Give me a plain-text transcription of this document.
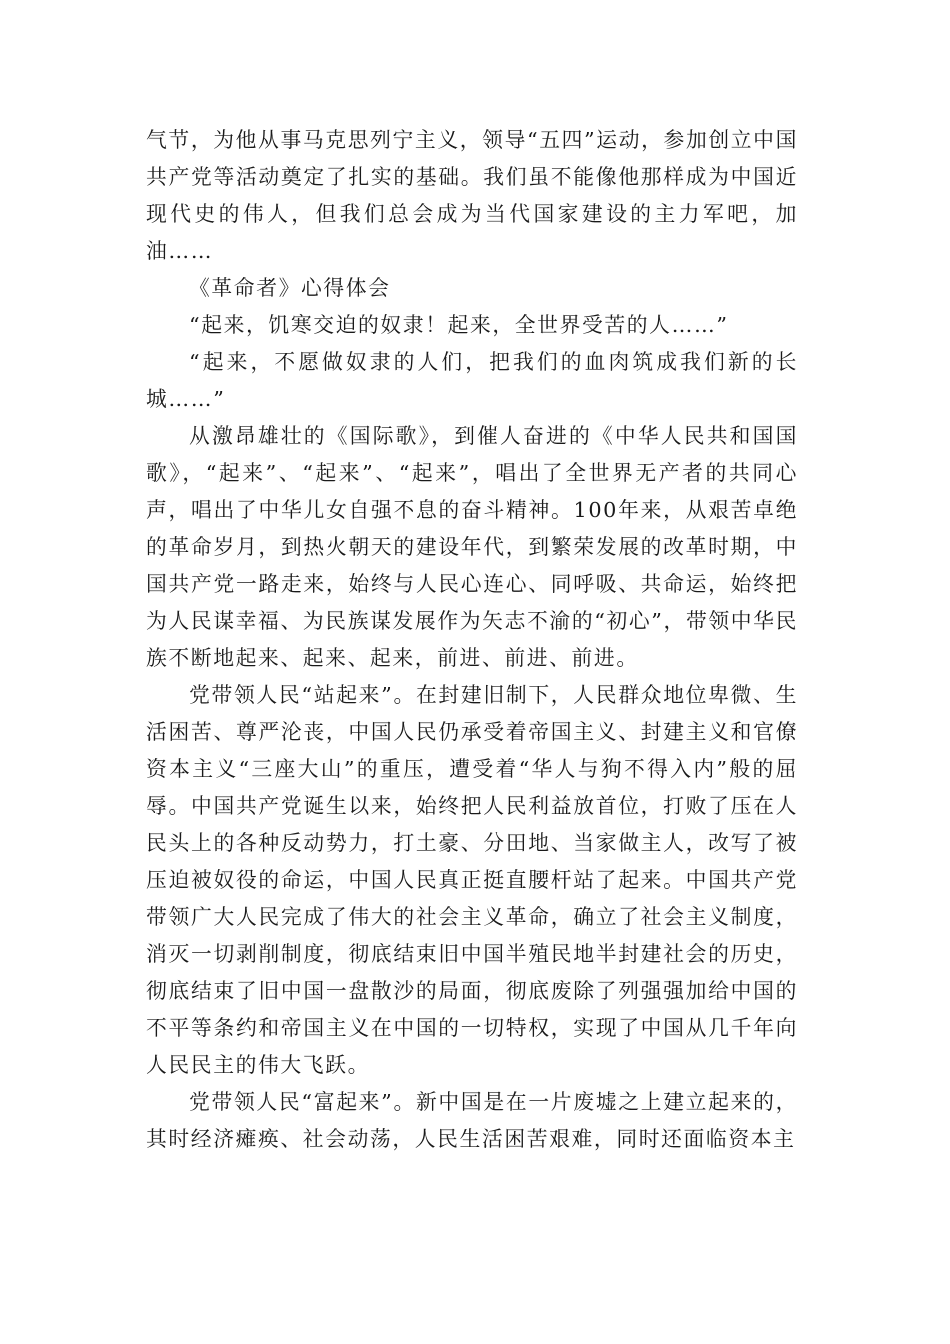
气节，为他从事马克思列宁主义，领导“五四”运动，参加创立中国共产党等活动奠定了扎实的基础。我们虽不能像他那样成为中国近现代史的伟人，但我们总会成为当代国家建设的主力军吧，加油……

《革命者》心得体会

“起来，饥寒交迫的奴隶！起来，全世界受苦的人……”

“起来，不愿做奴隶的人们，把我们的血肉筑成我们新的长城……”

从激昂雄壮的《国际歌》，到催人奋进的《中华人民共和国国歌》，“起来”、“起来”、“起来”，唱出了全世界无产者的共同心声，唱出了中华儿女自强不息的奋斗精神。100年来，从艰苦卓绝的革命岁月，到热火朝天的建设年代，到繁荣发展的改革时期，中国共产党一路走来，始终与人民心连心、同呼吸、共命运，始终把为人民谋幸福、为民族谋发展作为矢志不渝的“初心”，带领中华民族不断地起来、起来、起来，前进、前进、前进。

党带领人民“站起来”。在封建旧制下，人民群众地位卑微、生活困苦、尊严沦丧，中国人民仍承受着帝国主义、封建主义和官僚资本主义“三座大山”的重压，遭受着“华人与狗不得入内”般的屈辱。中国共产党诞生以来，始终把人民利益放首位，打败了压在人民头上的各种反动势力，打土豪、分田地、当家做主人，改写了被压迫被奴役的命运，中国人民真正挺直腰杆站了起来。中国共产党带领广大人民完成了伟大的社会主义革命，确立了社会主义制度，消灭一切剥削制度，彻底结束旧中国半殖民地半封建社会的历史，彻底结束了旧中国一盘散沙的局面，彻底废除了列强强加给中国的不平等条约和帝国主义在中国的一切特权，实现了中国从几千年向人民民主的伟大飞跃。

党带领人民“富起来”。新中国是在一片废墟之上建立起来的，其时经济瘫痪、社会动荡，人民生活困苦艰难，同时还面临资本主
